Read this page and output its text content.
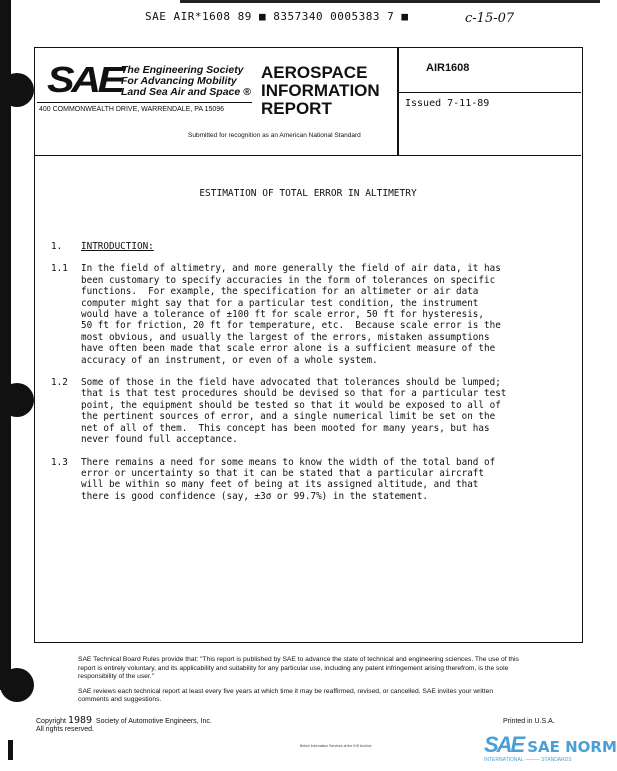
SAE AIR*1608 89 ■ 8357340 0005383 7 ■	c-15-07
SAE The Engineering Society
For Advancing Mobility
Land Sea Air and Space ®
400 COMMONWEALTH DRIVE, WARRENDALE, PA 15096
AEROSPACE
INFORMATION
REPORT
Submitted for recognition as an American National Standard
AIR1608
Issued 7-11-89
ESTIMATION OF TOTAL ERROR IN ALTIMETRY
1.	INTRODUCTION:
1.1	In the field of altimetry, and more generally the field of air data, it has
been customary to specify accuracies in the form of tolerances on specific
functions.  For example, the specification for an altimeter or air data
computer might say that for a particular test condition, the instrument
would have a tolerance of ±100 ft for scale error, 50 ft for hysteresis,
50 ft for friction, 20 ft for temperature, etc.  Because scale error is the
most obvious, and usually the largest of the errors, mistaken assumptions
have often been made that scale error alone is a sufficient measure of the
accuracy of an instrument, or even of a whole system.
1.2	Some of those in the field have advocated that tolerances should be lumped;
that is that test procedures should be devised so that for a particular test
point, the equipment should be tested so that it would be exposed to all of
the pertinent sources of error, and a single numerical limit be set on the
net of all of them.  This concept has been mooted for many years, but has
never found full acceptance.
1.3	There remains a need for some means to know the width of the total band of
error or uncertainty so that it can be stated that a particular aircraft
will be within so many feet of being at its assigned altitude, and that
there is good confidence (say, ±3σ or 99.7%) in the statement.

SAE Technical Board Rules provide that: "This report is published by SAE to advance the state of technical and engineering sciences. The use of this report is entirely voluntary, and its applicability and suitability for any particular use, including any patent infringement arising therefrom, is the sole responsibility of the user."

SAE reviews each technical report at least every five years at which time it may be reaffirmed, revised, or cancelled. SAE invites your written comments and suggestions.

Copyright 1989 Society of Automotive Engineers, Inc.
All rights reserved.
Printed in U.S.A.
British Information Services at the IHS Archive	SAE SAE NORM
INTERNATIONAL ——— STANDARDS
